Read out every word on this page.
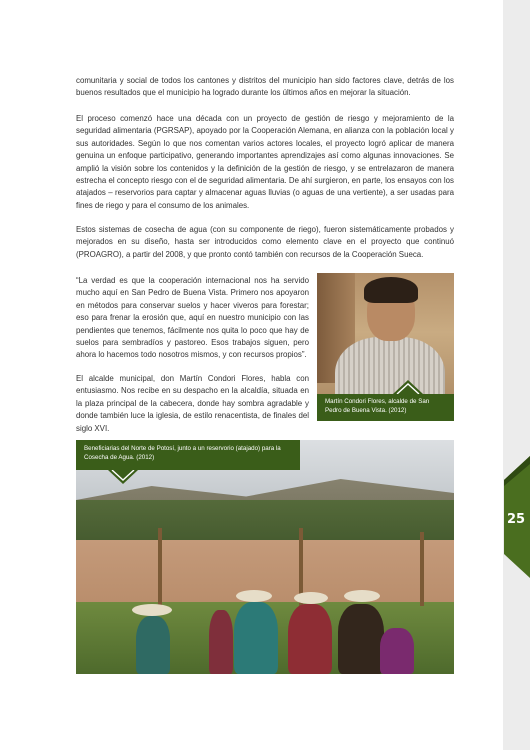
25
comunitaria y social de todos los cantones y distritos del municipio han sido factores clave, detrás de los buenos resultados que el municipio ha logrado durante los últimos años en mejorar la situación.
El proceso comenzó hace una década con un proyecto de gestión de riesgo y mejoramiento de la seguridad alimentaria (PGRSAP), apoyado por la Cooperación Alemana, en alianza con la población local y sus autoridades. Según lo que nos comentan varios actores locales, el proyecto logró aplicar de manera genuina un enfoque participativo, generando importantes aprendizajes así como algunas innovaciones. Se amplió la visión sobre los contenidos y la definición de la gestión de riesgo, y se entrelazaron de manera estrecha el concepto riesgo con el de seguridad alimentaria. De ahí surgieron, en parte, los ensayos con los atajados – reservorios para captar y almacenar aguas lluvias (o aguas de una vertiente), a ser usadas para fines de riego y para el consumo de los animales.
Estos sistemas de cosecha de agua (con su componente de riego), fueron sistemáticamente probados y mejorados en su diseño, hasta ser introducidos como elemento clave en el proyecto que continuó (PROAGRO), a partir del 2008, y que pronto contó también con recursos de la Cooperación Sueca.
“La verdad es que la cooperación internacional nos ha servido mucho aquí en San Pedro de Buena Vista. Primero nos apoyaron en métodos para conservar suelos y hacer viveros para forestar; eso para frenar la erosión que, aquí en nuestro municipio con las pendientes que tenemos, fácilmente nos quita lo poco que hay de suelos para sembradíos y pastoreo. Esos trabajos siguen, pero ahora lo hacemos todo nosotros mismos, y con recursos propios”.
El alcalde municipal, don Martín Condori Flores, habla con entusiasmo. Nos recibe en su despacho en la alcaldía, situada en la plaza principal de la cabecera, donde hay sombra agradable y donde también luce la iglesia, de estilo renacentista, de finales del siglo XVI.
Martín Condori Flores, alcalde de San Pedro de Buena Vista. (2012)
Beneficiarias del Norte de Potosí, junto a un reservorio (atajado) para la Cosecha de Agua. (2012)
